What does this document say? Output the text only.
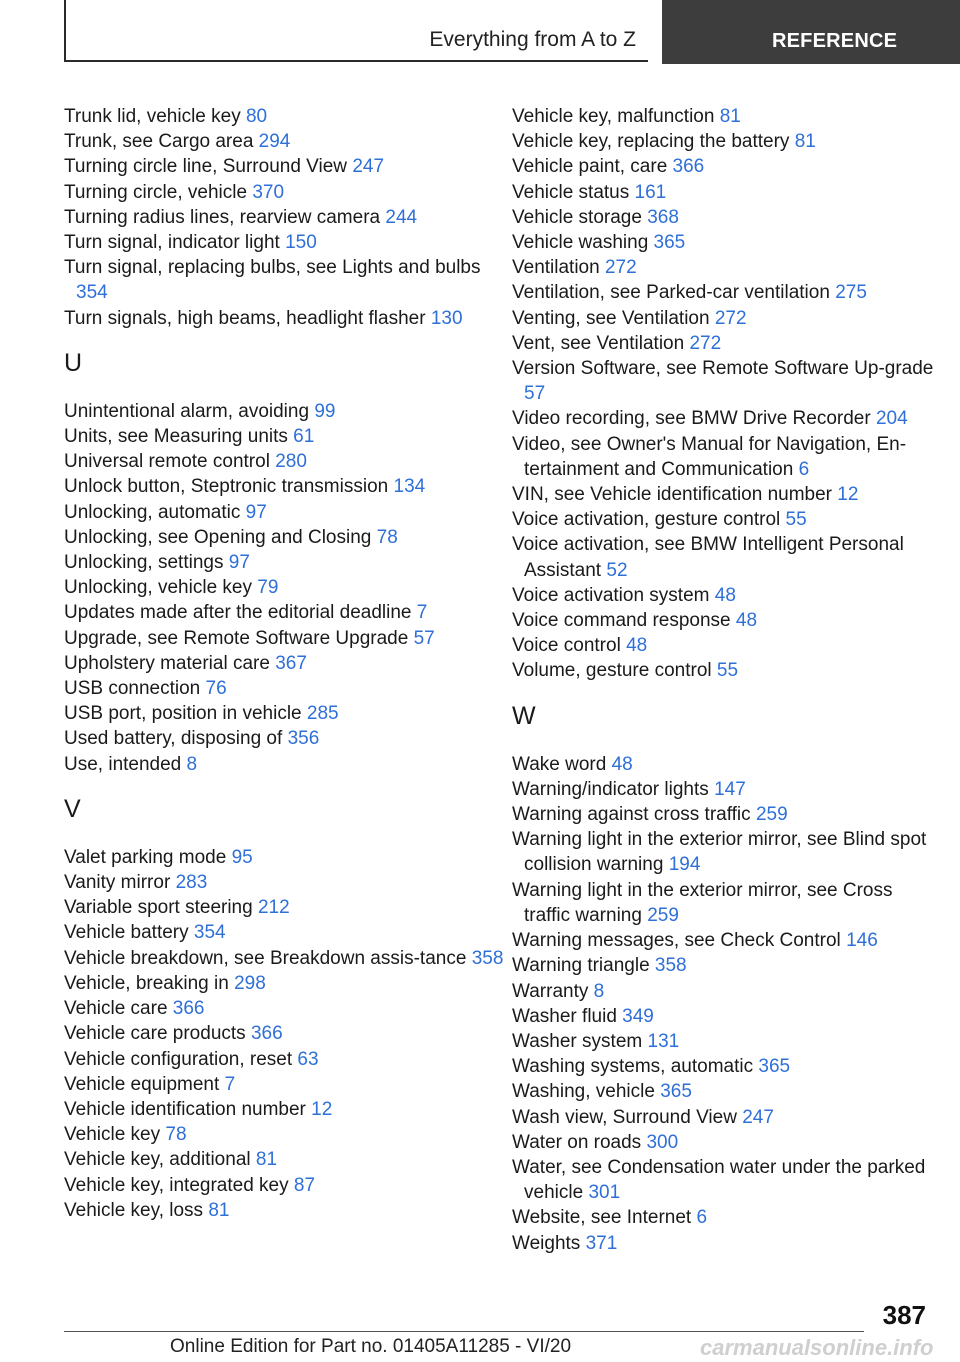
Everything from A to Z	REFERENCE
Trunk lid, vehicle key 80
Trunk, see Cargo area 294
Turning circle line, Surround View 247
Turning circle, vehicle 370
Turning radius lines, rearview camera 244
Turn signal, indicator light 150
Turn signal, replacing bulbs, see Lights and bulbs 354
Turn signals, high beams, headlight flasher 130
U
Unintentional alarm, avoiding 99
Units, see Measuring units 61
Universal remote control 280
Unlock button, Steptronic transmission 134
Unlocking, automatic 97
Unlocking, see Opening and Closing 78
Unlocking, settings 97
Unlocking, vehicle key 79
Updates made after the editorial deadline 7
Upgrade, see Remote Software Upgrade 57
Upholstery material care 367
USB connection 76
USB port, position in vehicle 285
Used battery, disposing of 356
Use, intended 8
V
Valet parking mode 95
Vanity mirror 283
Variable sport steering 212
Vehicle battery 354
Vehicle breakdown, see Breakdown assis-tance 358
Vehicle, breaking in 298
Vehicle care 366
Vehicle care products 366
Vehicle configuration, reset 63
Vehicle equipment 7
Vehicle identification number 12
Vehicle key 78
Vehicle key, additional 81
Vehicle key, integrated key 87
Vehicle key, loss 81
Vehicle key, malfunction 81
Vehicle key, replacing the battery 81
Vehicle paint, care 366
Vehicle status 161
Vehicle storage 368
Vehicle washing 365
Ventilation 272
Ventilation, see Parked-car ventilation 275
Venting, see Ventilation 272
Vent, see Ventilation 272
Version Software, see Remote Software Up-grade 57
Video recording, see BMW Drive Recorder 204
Video, see Owner's Manual for Navigation, En-tertainment and Communication 6
VIN, see Vehicle identification number 12
Voice activation, gesture control 55
Voice activation, see BMW Intelligent Personal Assistant 52
Voice activation system 48
Voice command response 48
Voice control 48
Volume, gesture control 55
W
Wake word 48
Warning/indicator lights 147
Warning against cross traffic 259
Warning light in the exterior mirror, see Blind spot collision warning 194
Warning light in the exterior mirror, see Cross traffic warning 259
Warning messages, see Check Control 146
Warning triangle 358
Warranty 8
Washer fluid 349
Washer system 131
Washing systems, automatic 365
Washing, vehicle 365
Wash view, Surround View 247
Water on roads 300
Water, see Condensation water under the parked vehicle 301
Website, see Internet 6
Weights 371
387
Online Edition for Part no. 01405A11285 - VI/20	carmanualsonline.info
